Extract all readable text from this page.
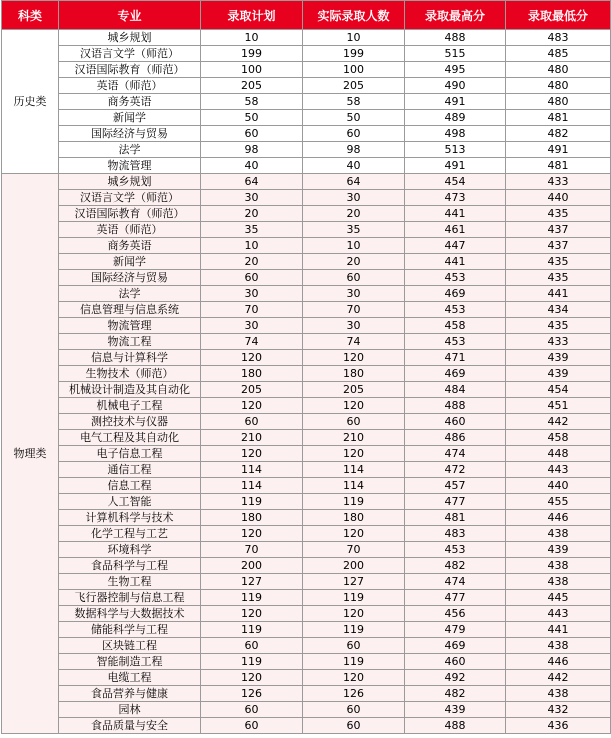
科类	专业	录取计划	实际录取人数	录取最高分	录取最低分
历史类	城乡规划	10	10	488	483
	汉语言文学（师范）	199	199	515	485
	汉语国际教育（师范）	100	100	495	480
	英语（师范）	205	205	490	480
	商务英语	58	58	491	480
	新闻学	50	50	489	481
	国际经济与贸易	60	60	498	482
	法学	98	98	513	491
	物流管理	40	40	491	481
物理类	城乡规划	64	64	454	433
	汉语言文学（师范）	30	30	473	440
	汉语国际教育（师范）	20	20	441	435
	英语（师范）	35	35	461	437
	商务英语	10	10	447	437
	新闻学	20	20	441	435
	国际经济与贸易	60	60	453	435
	法学	30	30	469	441
	信息管理与信息系统	70	70	453	434
	物流管理	30	30	458	435
	物流工程	74	74	453	433
	信息与计算科学	120	120	471	439
	生物技术（师范）	180	180	469	439
	机械设计制造及其自动化	205	205	484	454
	机械电子工程	120	120	488	451
	测控技术与仪器	60	60	460	442
	电气工程及其自动化	210	210	486	458
	电子信息工程	120	120	474	448
	通信工程	114	114	472	443
	信息工程	114	114	457	440
	人工智能	119	119	477	455
	计算机科学与技术	180	180	481	446
	化学工程与工艺	120	120	483	438
	环境科学	70	70	453	439
	食品科学与工程	200	200	482	438
	生物工程	127	127	474	438
	飞行器控制与信息工程	119	119	477	445
	数据科学与大数据技术	120	120	456	443
	储能科学与工程	119	119	479	441
	区块链工程	60	60	469	438
	智能制造工程	119	119	460	446
	电缆工程	120	120	492	442
	食品营养与健康	126	126	482	438
	园林	60	60	439	432
	食品质量与安全	60	60	488	436
